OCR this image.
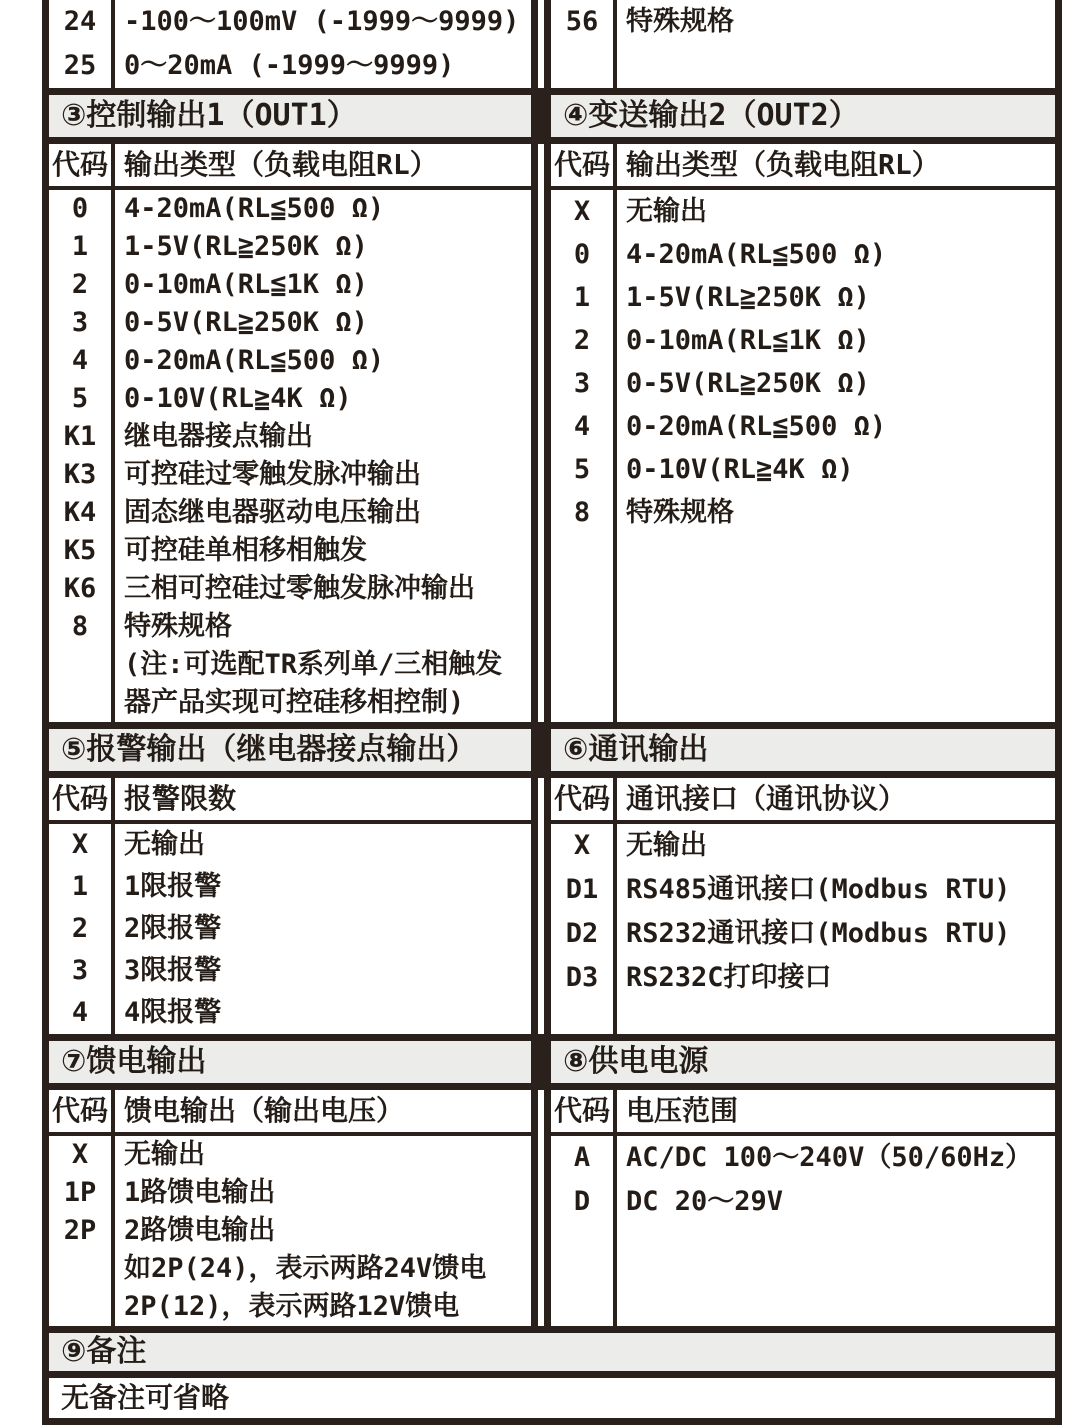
24	-100～100mV (-1999～9999)
25	0～20mA (-1999～9999)
56	特殊规格
③控制输出1（OUT1）	④变送输出2（OUT2）
代码 输出类型（负载电阻RL）
0	4-20mA(RL≦500 Ω)
1	1-5V(RL≧250K Ω)
2	0-10mA(RL≦1K Ω)
3	0-5V(RL≧250K Ω)
4	0-20mA(RL≦500 Ω)
5	0-10V(RL≧4K Ω)
K1	继电器接点输出
K3	可控硅过零触发脉冲输出
K4	固态继电器驱动电压输出
K5	可控硅单相移相触发
K6	三相可控硅过零触发脉冲输出
8	特殊规格
(注:可选配TR系列单/三相触发
器产品实现可控硅移相控制)
代码 输出类型（负载电阻RL）
X	无输出
0	4-20mA(RL≦500 Ω)
1	1-5V(RL≧250K Ω)
2	0-10mA(RL≦1K Ω)
3	0-5V(RL≧250K Ω)
4	0-20mA(RL≦500 Ω)
5	0-10V(RL≧4K Ω)
8	特殊规格
⑤报警输出（继电器接点输出）	⑥通讯输出
代码 报警限数
X	无输出
1	1限报警
2	2限报警
3	3限报警
4	4限报警
代码 通讯接口（通讯协议）
X	无输出
D1	RS485通讯接口(Modbus RTU)
D2	RS232通讯接口(Modbus RTU)
D3	RS232C打印接口
⑦馈电输出	⑧供电电源
代码 馈电输出（输出电压）
X	无输出
1P	1路馈电输出
2P	2路馈电输出
如2P(24)，表示两路24V馈电
2P(12)，表示两路12V馈电
代码 电压范围
A	AC/DC 100～240V（50/60Hz）
D	DC 20～29V
⑨备注
无备注可省略
